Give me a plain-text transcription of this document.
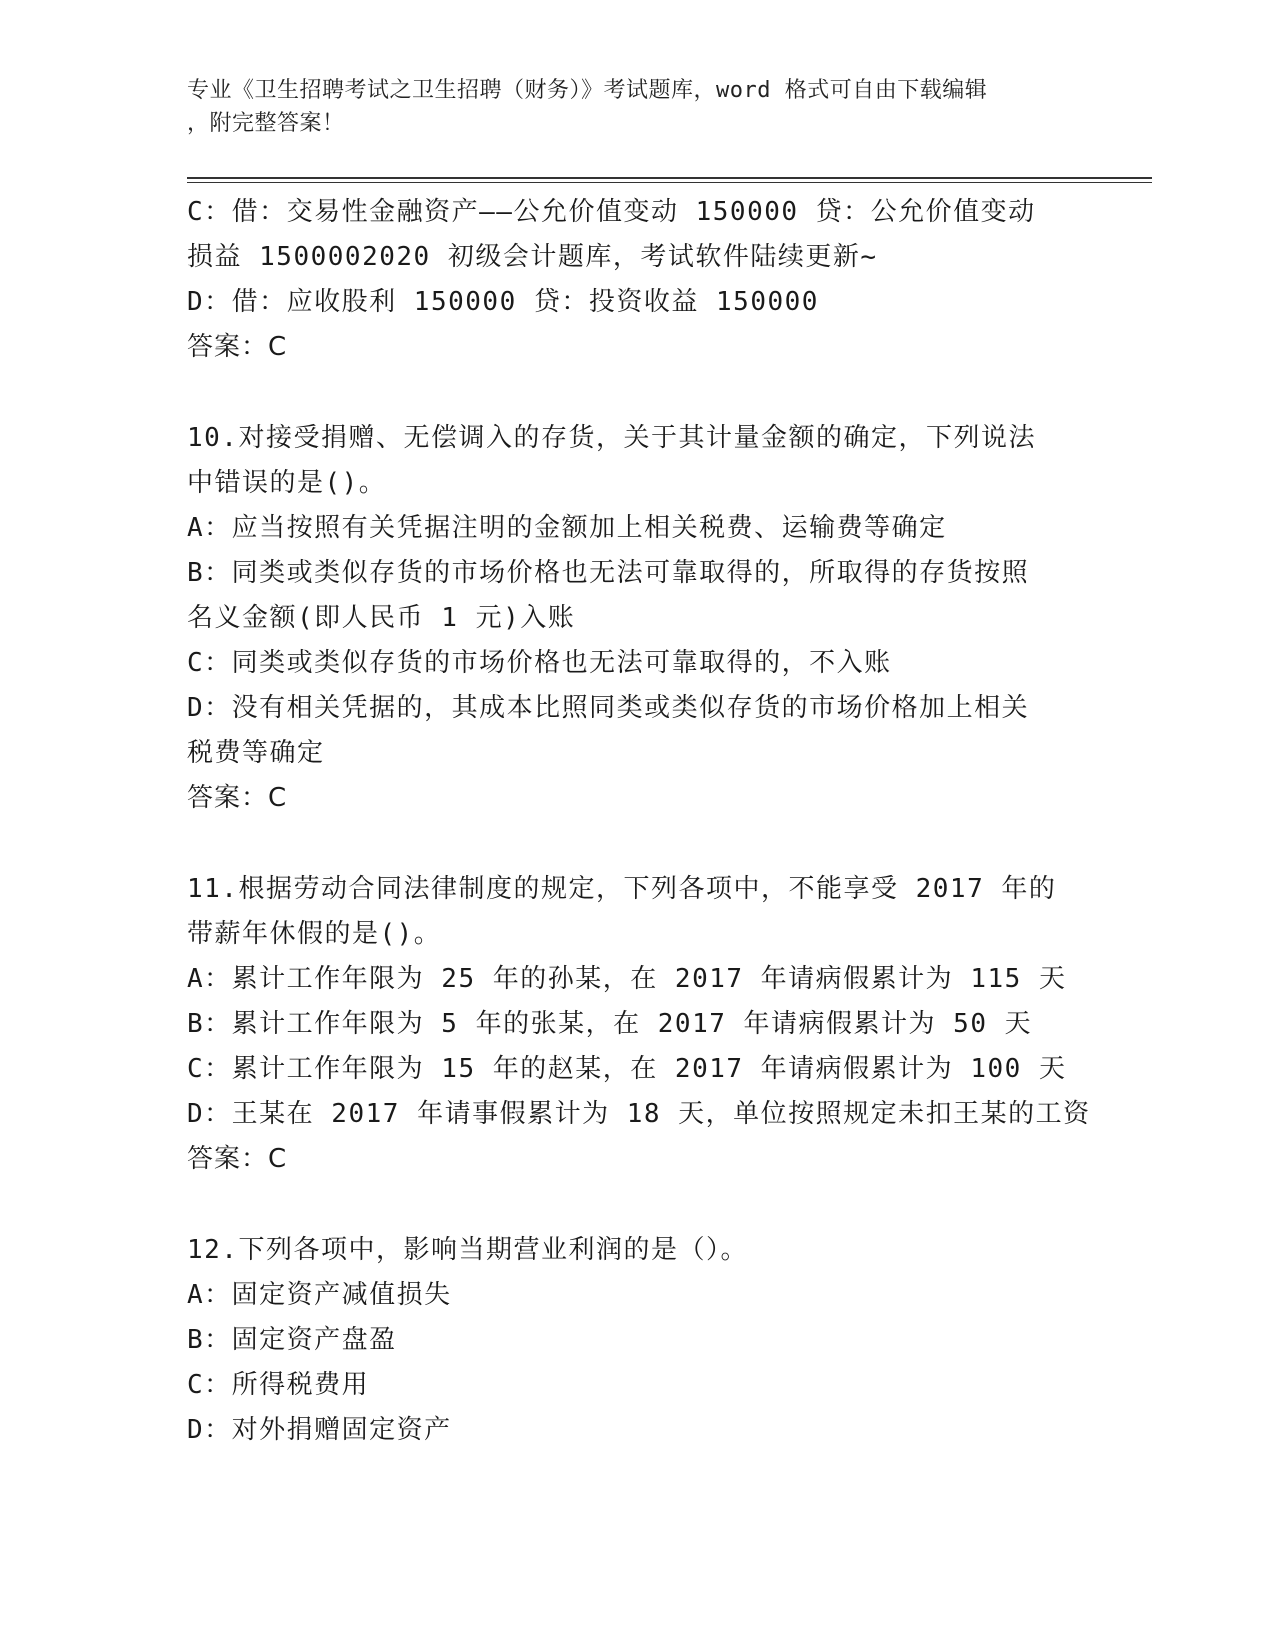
专业《卫生招聘考试之卫生招聘（财务）》考试题库，word 格式可自由下载编辑
，附完整答案！
C：借：交易性金融资产——公允价值变动 150000 贷：公允价值变动
损益 1500002020 初级会计题库，考试软件陆续更新~
D：借：应收股利 150000 贷：投资收益 150000
答案：C
10.对接受捐赠、无偿调入的存货，关于其计量金额的确定，下列说法
中错误的是()。
A：应当按照有关凭据注明的金额加上相关税费、运输费等确定
B：同类或类似存货的市场价格也无法可靠取得的，所取得的存货按照
名义金额(即人民币 1 元)入账
C：同类或类似存货的市场价格也无法可靠取得的，不入账
D：没有相关凭据的，其成本比照同类或类似存货的市场价格加上相关
税费等确定
答案：C
11.根据劳动合同法律制度的规定，下列各项中，不能享受 2017 年的
带薪年休假的是()。
A：累计工作年限为 25 年的孙某，在 2017 年请病假累计为 115 天
B：累计工作年限为 5 年的张某，在 2017 年请病假累计为 50 天
C：累计工作年限为 15 年的赵某，在 2017 年请病假累计为 100 天
D：王某在 2017 年请事假累计为 18 天，单位按照规定未扣王某的工资
答案：C
12.下列各项中，影响当期营业利润的是（）。
A：固定资产减值损失
B：固定资产盘盈
C：所得税费用
D：对外捐赠固定资产
